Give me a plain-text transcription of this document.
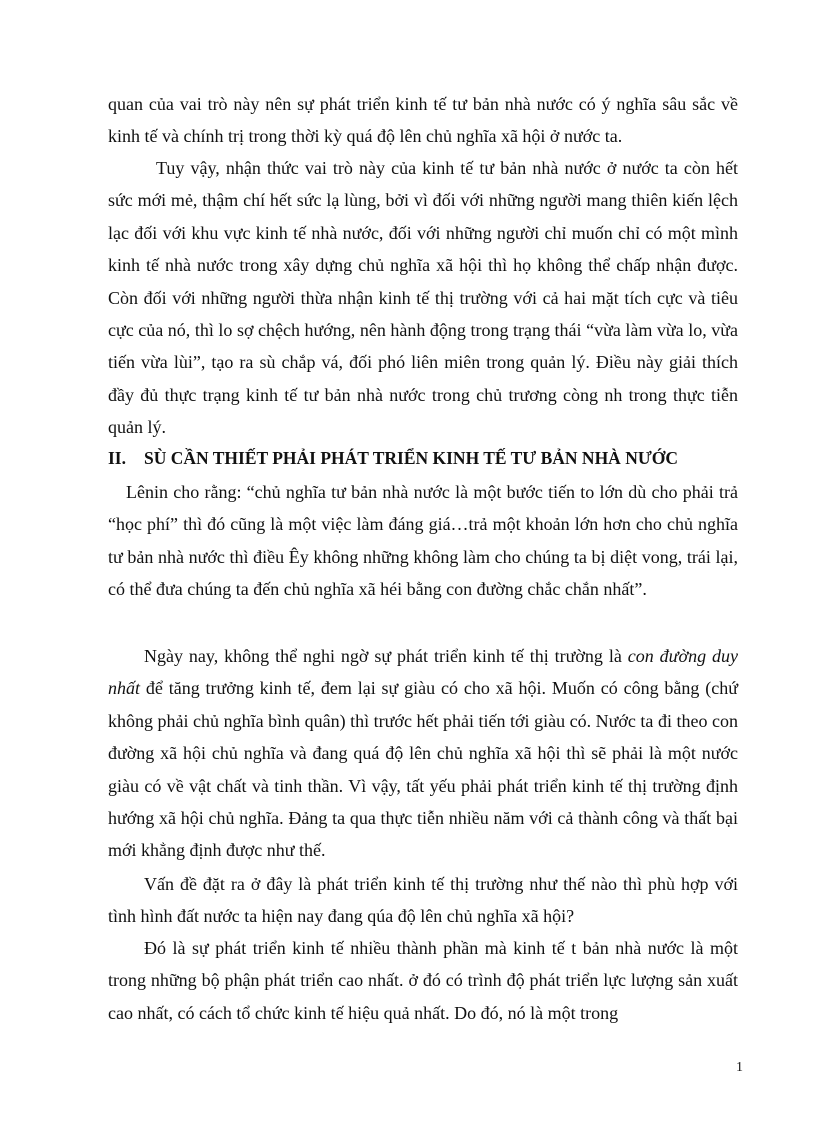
quan của vai trò này nên sự phát triển kinh tế tư bản nhà nước có ý nghĩa sâu sắc về kinh tế và chính trị trong thời kỳ quá độ lên chủ nghĩa xã hội ở nước ta.

Tuy vậy, nhận thức vai trò này của kinh tế tư bản nhà nước ở nước ta còn hết sức mới mẻ, thậm chí hết sức lạ lùng, bởi vì đối với những người mang thiên kiến lệch lạc đối với khu vực kinh tế nhà nước, đối với những người chỉ muốn chỉ có một mình kinh tế nhà nước trong xây dựng chủ nghĩa xã hội thì họ không thể chấp nhận được. Còn đối với những người thừa nhận kinh tế thị trường với cả hai mặt tích cực và tiêu cực của nó, thì lo sợ chệch hướng, nên hành động trong trạng thái “vừa làm vừa lo, vừa tiến vừa lùi”, tạo ra sù chắp vá, đối phó liên miên trong quản lý. Điều này giải thích đầy đủ thực trạng kinh tế tư bản nhà nước trong chủ trương còng nh trong thực tiễn quản lý.

II. SÙ CẦN THIẾT PHẢI PHÁT TRIỂN KINH TẾ TƯ BẢN NHÀ NƯỚC

Lênin cho rằng: “chủ nghĩa tư bản nhà nước là một bước tiến to lớn dù cho phải trả “học phí” thì đó cũng là một việc làm đáng giá…trả một khoản lớn hơn cho chủ nghĩa tư bản nhà nước thì điều Êy không những không làm cho chúng ta bị diệt vong, trái lại, có thể đưa chúng ta đến chủ nghĩa xã héi bằng con đường chắc chắn nhất”.

Ngày nay, không thể nghi ngờ sự phát triển kinh tế thị trường là con đường duy nhất để tăng trưởng kinh tế, đem lại sự giàu có cho xã hội. Muốn có công bằng (chứ không phải chủ nghĩa bình quân) thì trước hết phải tiến tới giàu có. Nước ta đi theo con đường xã hội chủ nghĩa và đang quá độ lên chủ nghĩa xã hội thì sẽ phải là một nước giàu có về vật chất và tinh thần. Vì vậy, tất yếu phải phát triển kinh tế thị trường định hướng xã hội chủ nghĩa. Đảng ta qua thực tiễn nhiều năm với cả thành công và thất bại mới khẳng định được như thế.

Vấn đề đặt ra ở đây là phát triển kinh tế thị trường như thế nào thì phù hợp với tình hình đất nước ta hiện nay đang qúa độ lên chủ nghĩa xã hội?

Đó là sự phát triển kinh tế nhiều thành phần mà kinh tế t bản nhà nước là một trong những bộ phận phát triển cao nhất. ở đó có trình độ phát triển lực lượng sản xuất cao nhất, có cách tổ chức kinh tế hiệu quả nhất. Do đó, nó là một trong

1
